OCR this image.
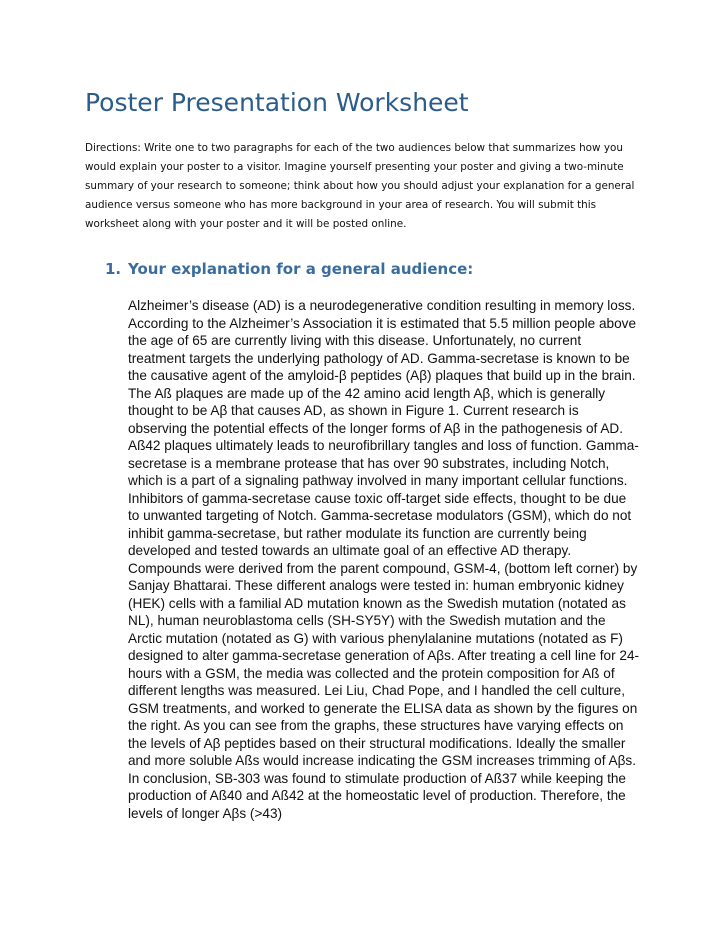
Poster Presentation Worksheet

Directions: Write one to two paragraphs for each of the two audiences below that summarizes how you would explain your poster to a visitor. Imagine yourself presenting your poster and giving a two-minute summary of your research to someone; think about how you should adjust your explanation for a general audience versus someone who has more background in your area of research. You will submit this worksheet along with your poster and it will be posted online.

1. Your explanation for a general audience:

Alzheimer’s disease (AD) is a neurodegenerative condition resulting in memory loss. According to the Alzheimer’s Association it is estimated that 5.5 million people above the age of 65 are currently living with this disease. Unfortunately, no current treatment targets the underlying pathology of AD. Gamma-secretase is known to be the causative agent of the amyloid-β peptides (Aβ) plaques that build up in the brain. The Aß plaques are made up of the 42 amino acid length Aβ, which is generally thought to be Aβ that causes AD, as shown in Figure 1. Current research is observing the potential effects of the longer forms of Aβ in the pathogenesis of AD. Aß42 plaques ultimately leads to neurofibrillary tangles and loss of function. Gamma-secretase is a membrane protease that has over 90 substrates, including Notch, which is a part of a signaling pathway involved in many important cellular functions. Inhibitors of gamma-secretase cause toxic off-target side effects, thought to be due to unwanted targeting of Notch. Gamma-secretase modulators (GSM), which do not inhibit gamma-secretase, but rather modulate its function are currently being developed and tested towards an ultimate goal of an effective AD therapy. Compounds were derived from the parent compound, GSM-4, (bottom left corner) by Sanjay Bhattarai. These different analogs were tested in: human embryonic kidney (HEK) cells with a familial AD mutation known as the Swedish mutation (notated as NL), human neuroblastoma cells (SH-SY5Y) with the Swedish mutation and the Arctic mutation (notated as G) with various phenylalanine mutations (notated as F) designed to alter gamma-secretase generation of Aβs. After treating a cell line for 24-hours with a GSM, the media was collected and the protein composition for Aß of different lengths was measured. Lei Liu, Chad Pope, and I handled the cell culture, GSM treatments, and worked to generate the ELISA data as shown by the figures on the right. As you can see from the graphs, these structures have varying effects on the levels of Aβ peptides based on their structural modifications. Ideally the smaller and more soluble Aßs would increase indicating the GSM increases trimming of Aβs. In conclusion, SB-303 was found to stimulate production of Aß37 while keeping the production of Aß40 and Aß42 at the homeostatic level of production. Therefore, the levels of longer Aβs (>43)
